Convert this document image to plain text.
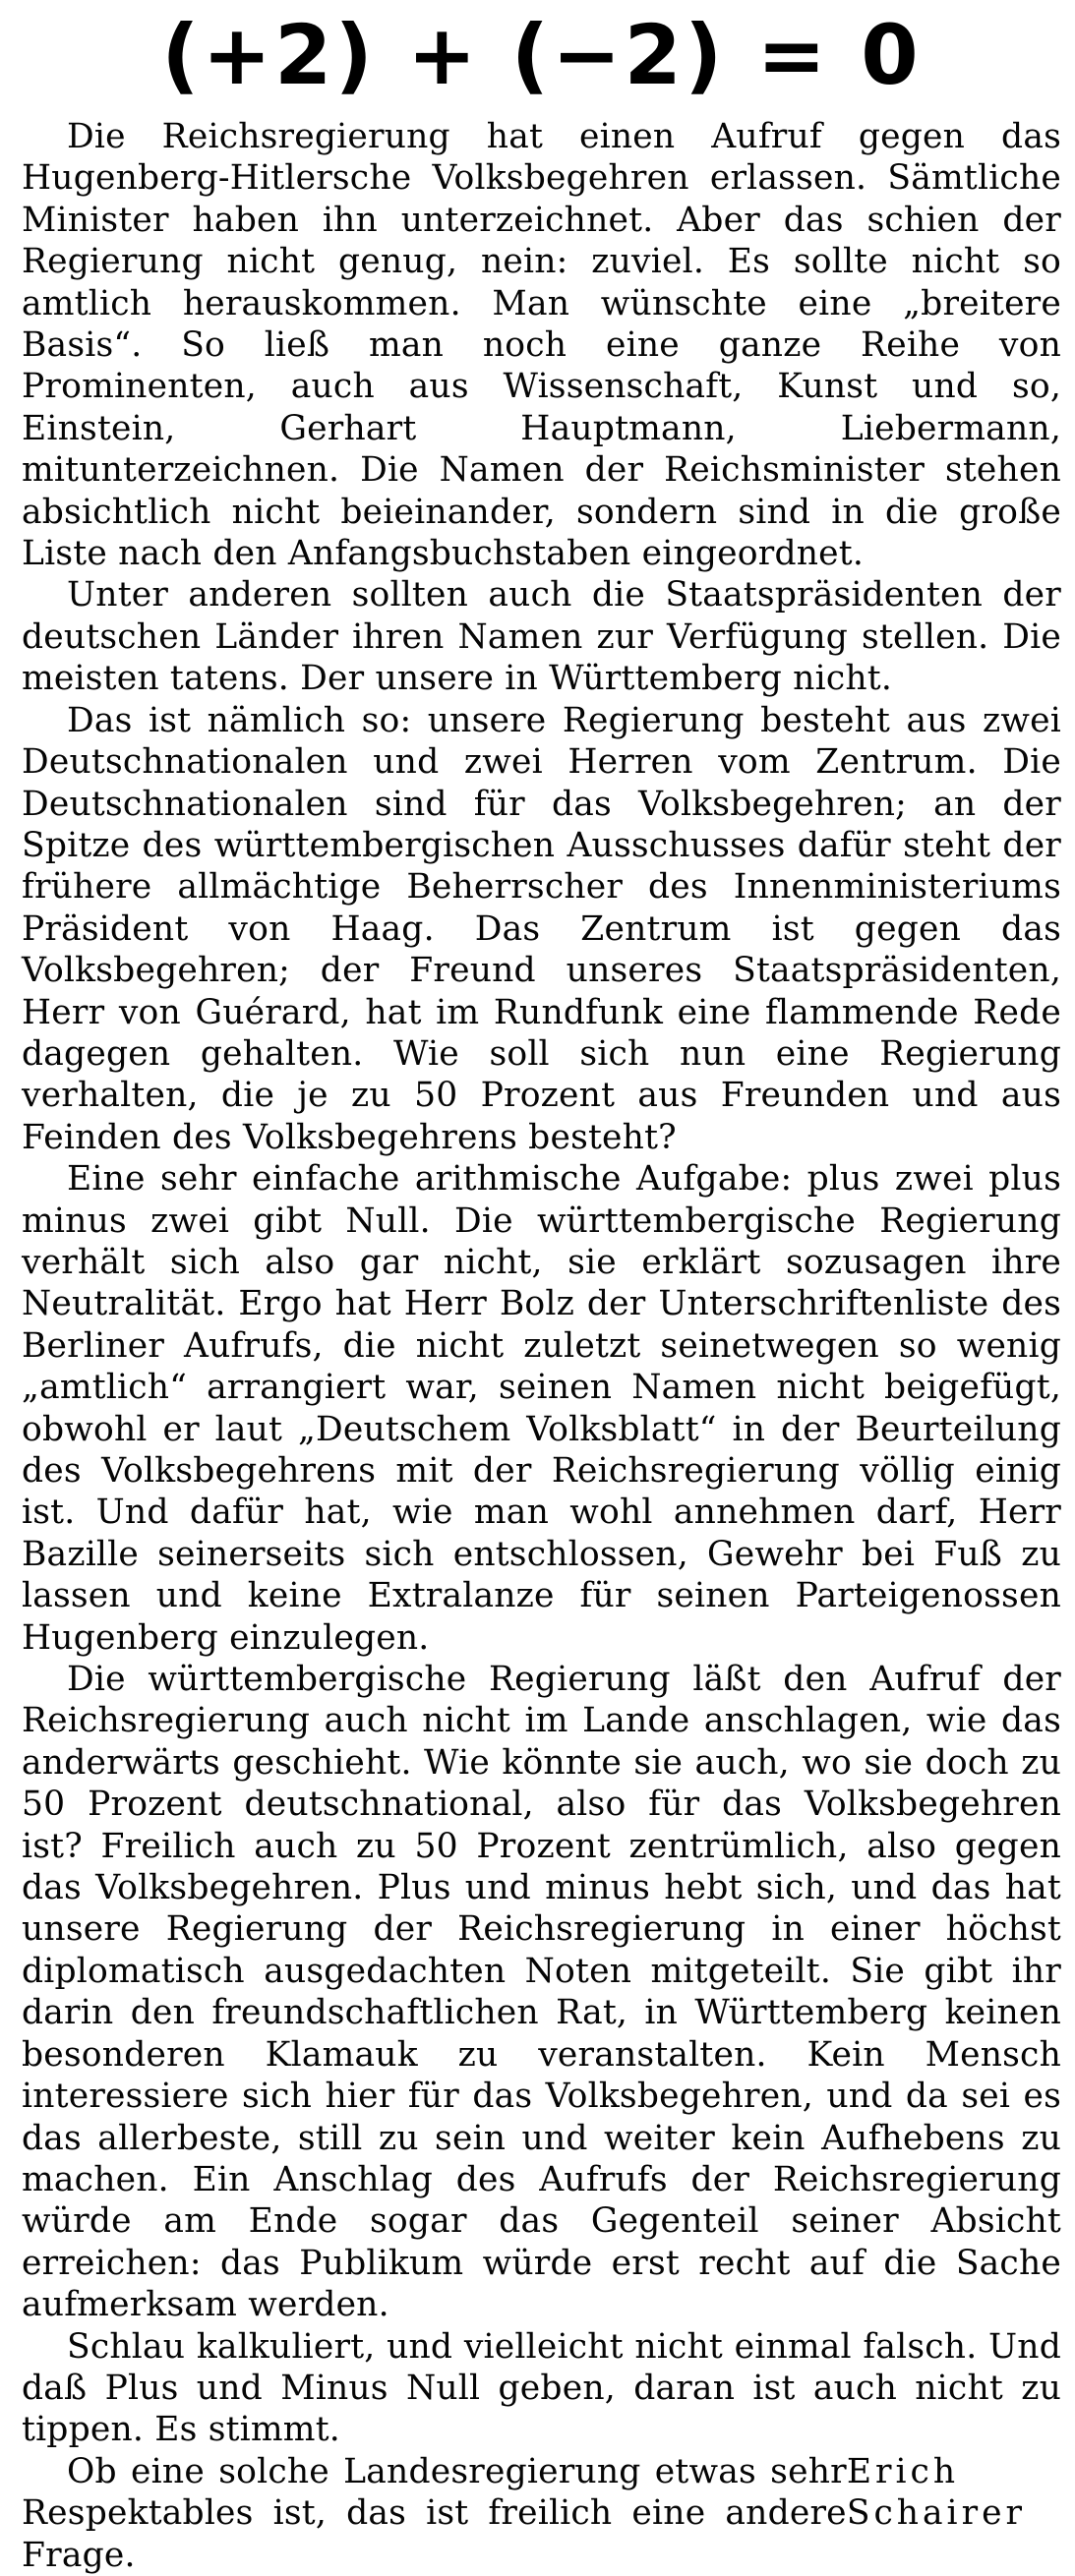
(+2) + (−2) = 0

Die Reichsregierung hat einen Aufruf gegen das Hugenberg-Hitlersche Volksbegehren erlassen. Sämtliche Minister haben ihn unterzeichnet. Aber das schien der Regierung nicht genug, nein: zuviel. Es sollte nicht so amtlich herauskommen. Man wünschte eine „breitere Basis“. So ließ man noch eine ganze Reihe von Prominenten, auch aus Wissenschaft, Kunst und so, Einstein, Gerhart Hauptmann, Liebermann, mitunterzeichnen. Die Namen der Reichsminister stehen absichtlich nicht beieinander, sondern sind in die große Liste nach den Anfangsbuchstaben eingeordnet.

Unter anderen sollten auch die Staatspräsidenten der deutschen Länder ihren Namen zur Verfügung stellen. Die meisten tatens. Der unsere in Württemberg nicht.

Das ist nämlich so: unsere Regierung besteht aus zwei Deutschnationalen und zwei Herren vom Zentrum. Die Deutschnationalen sind für das Volksbegehren; an der Spitze des württembergischen Ausschusses dafür steht der frühere allmächtige Beherrscher des Innenministeriums Präsident von Haag. Das Zentrum ist gegen das Volksbegehren; der Freund unseres Staatspräsidenten, Herr von Guérard, hat im Rundfunk eine flammende Rede dagegen gehalten. Wie soll sich nun eine Regierung verhalten, die je zu 50 Prozent aus Freunden und aus Feinden des Volksbegehrens besteht?

Eine sehr einfache arithmische Aufgabe: plus zwei plus minus zwei gibt Null. Die württembergische Regierung verhält sich also gar nicht, sie erklärt sozusagen ihre Neutralität. Ergo hat Herr Bolz der Unterschriftenliste des Berliner Aufrufs, die nicht zuletzt seinetwegen so wenig „amtlich“ arrangiert war, seinen Namen nicht beigefügt, obwohl er laut „Deutschem Volksblatt“ in der Beurteilung des Volksbegehrens mit der Reichsregierung völlig einig ist. Und dafür hat, wie man wohl annehmen darf, Herr Bazille seinerseits sich entschlossen, Gewehr bei Fuß zu lassen und keine Extralanze für seinen Parteigenossen Hugenberg einzulegen.

Die württembergische Regierung läßt den Aufruf der Reichsregierung auch nicht im Lande anschlagen, wie das anderwärts geschieht. Wie könnte sie auch, wo sie doch zu 50 Prozent deutschnational, also für das Volksbegehren ist? Freilich auch zu 50 Prozent zentrümlich, also gegen das Volksbegehren. Plus und minus hebt sich, und das hat unsere Regierung der Reichsregierung in einer höchst diplomatisch ausgedachten Noten mitgeteilt. Sie gibt ihr darin den freundschaftlichen Rat, in Württemberg keinen besonderen Klamauk zu veranstalten. Kein Mensch interessiere sich hier für das Volksbegehren, und da sei es das allerbeste, still zu sein und weiter kein Aufhebens zu machen. Ein Anschlag des Aufrufs der Reichsregierung würde am Ende sogar das Gegenteil seiner Absicht erreichen: das Publikum würde erst recht auf die Sache aufmerksam werden.

Schlau kalkuliert, und vielleicht nicht einmal falsch. Und daß Plus und Minus Null geben, daran ist auch nicht zu tippen. Es stimmt.

Ob eine solche Landesregierung etwas sehr Respektables ist, das ist freilich eine andere Frage.
Erich Schairer
